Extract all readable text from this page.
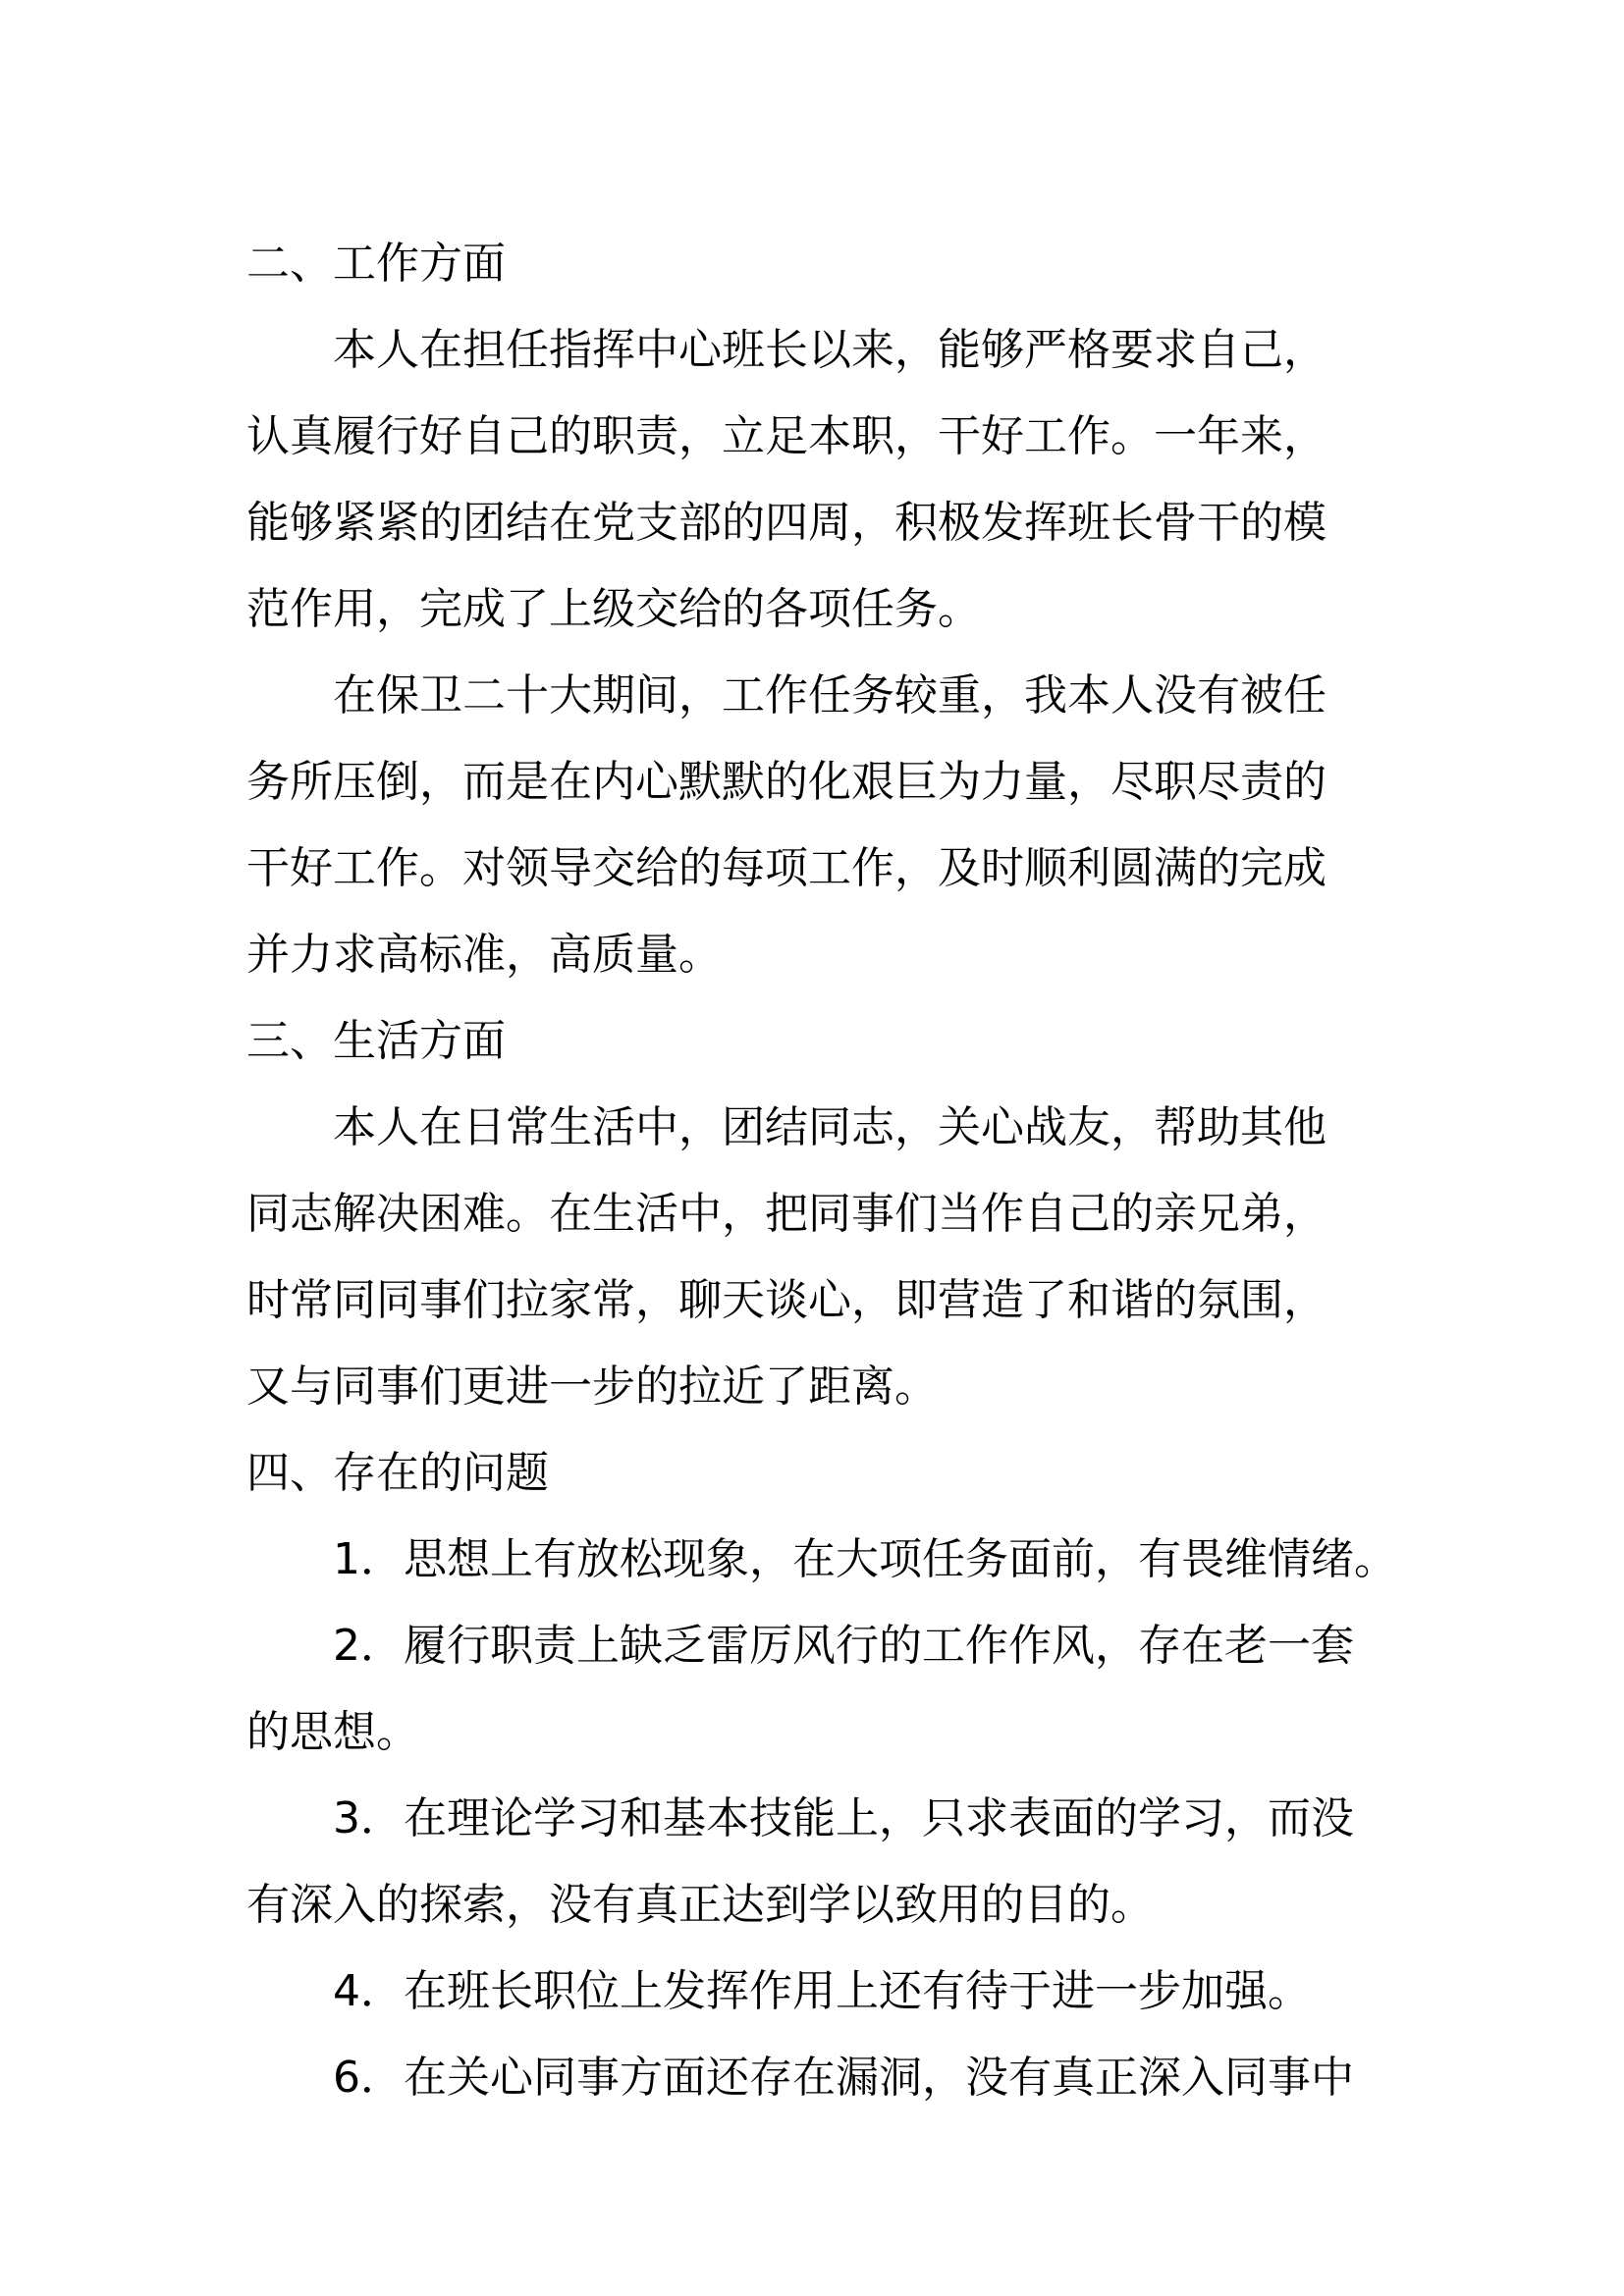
二、工作方面
本人在担任指挥中心班长以来，能够严格要求自己，
认真履行好自己的职责，立足本职，干好工作。一年来，
能够紧紧的团结在党支部的四周，积极发挥班长骨干的模
范作用，完成了上级交给的各项任务。
在保卫二十大期间，工作任务较重，我本人没有被任
务所压倒，而是在内心默默的化艰巨为力量，尽职尽责的
干好工作。对领导交给的每项工作，及时顺利圆满的完成
并力求高标准，高质量。
三、生活方面
本人在日常生活中，团结同志，关心战友，帮助其他
同志解决困难。在生活中，把同事们当作自己的亲兄弟，
时常同同事们拉家常，聊天谈心，即营造了和谐的氛围，
又与同事们更进一步的拉近了距离。
四、存在的问题
1．思想上有放松现象，在大项任务面前，有畏维情绪。
2．履行职责上缺乏雷厉风行的工作作风，存在老一套
的思想。
3．在理论学习和基本技能上，只求表面的学习，而没
有深入的探索，没有真正达到学以致用的目的。
4．在班长职位上发挥作用上还有待于进一步加强。
6．在关心同事方面还存在漏洞，没有真正深入同事中
